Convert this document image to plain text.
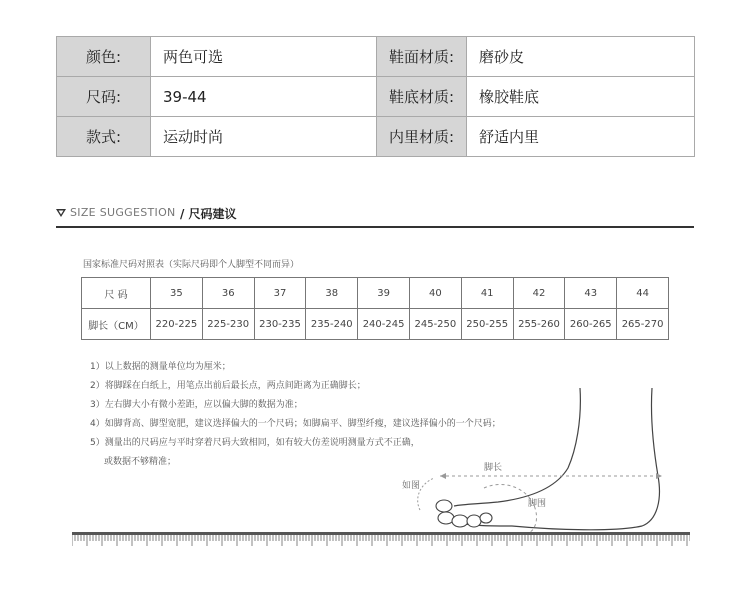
颜色:	两色可选	鞋面材质:	磨砂皮
尺码:	39-44	鞋底材质:	橡胶鞋底
款式:	运动时尚	内里材质:	舒适内里
SIZE SUGGESTION / 尺码建议
国家标准尺码对照表（实际尺码即个人脚型不同而异）
尺 码	35	36	37	38	39	40	41	42	43	44
脚长（CM）	220-225	225-230	230-235	235-240	240-245	245-250	250-255	255-260	260-265	265-270
1）以上数据的测量单位均为厘米；
2）将脚踩在白纸上，用笔点出前后最长点，两点间距离为正确脚长；
3）左右脚大小有微小差距，应以偏大脚的数据为准；
4）如脚背高、脚型宽肥，建议选择偏大的一个尺码；如脚扁平、脚型纤瘦，建议选择偏小的一个尺码；
5）测量出的尺码应与平时穿着尺码大致相同，如有较大仿差说明测量方式不正确，
或数据不够精准；
脚长
脚围
如图
